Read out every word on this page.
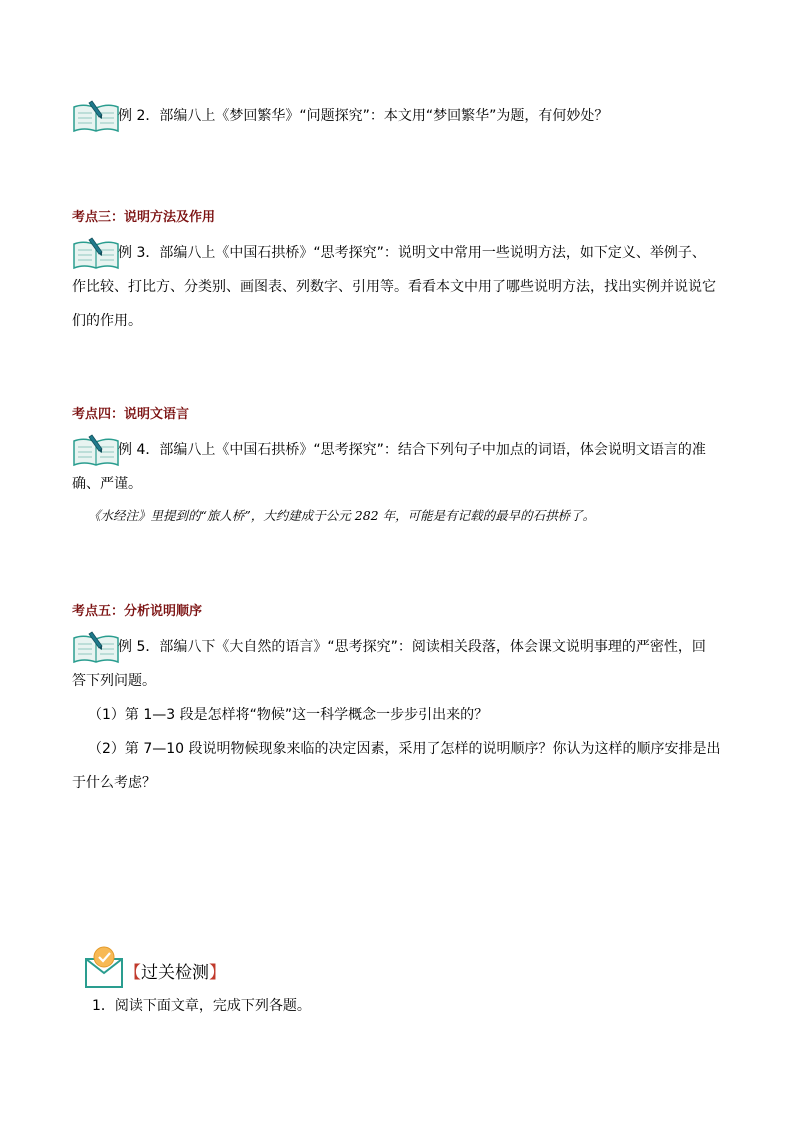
例 2．部编八上《梦回繁华》“问题探究”：本文用“梦回繁华”为题，有何妙处？
考点三：说明方法及作用
例 3．部编八上《中国石拱桥》“思考探究”：说明文中常用一些说明方法，如下定义、举例子、
作比较、打比方、分类别、画图表、列数字、引用等。看看本文中用了哪些说明方法，找出实例并说说它
们的作用。
考点四：说明文语言
例 4．部编八上《中国石拱桥》“思考探究”：结合下列句子中加点的词语，体会说明文语言的准
确、严谨。
《水经注》里提到的“旅人桥”，大约建成于公元 282 年，可能是有记载的最早的石拱桥了。
考点五：分析说明顺序
例 5．部编八下《大自然的语言》“思考探究”：阅读相关段落，体会课文说明事理的严密性，回
答下列问题。
（1）第 1—3 段是怎样将“物候”这一科学概念一步步引出来的？
（2）第 7—10 段说明物候现象来临的决定因素，采用了怎样的说明顺序？你认为这样的顺序安排是出
于什么考虑？
【过关检测】
1．阅读下面文章，完成下列各题。
